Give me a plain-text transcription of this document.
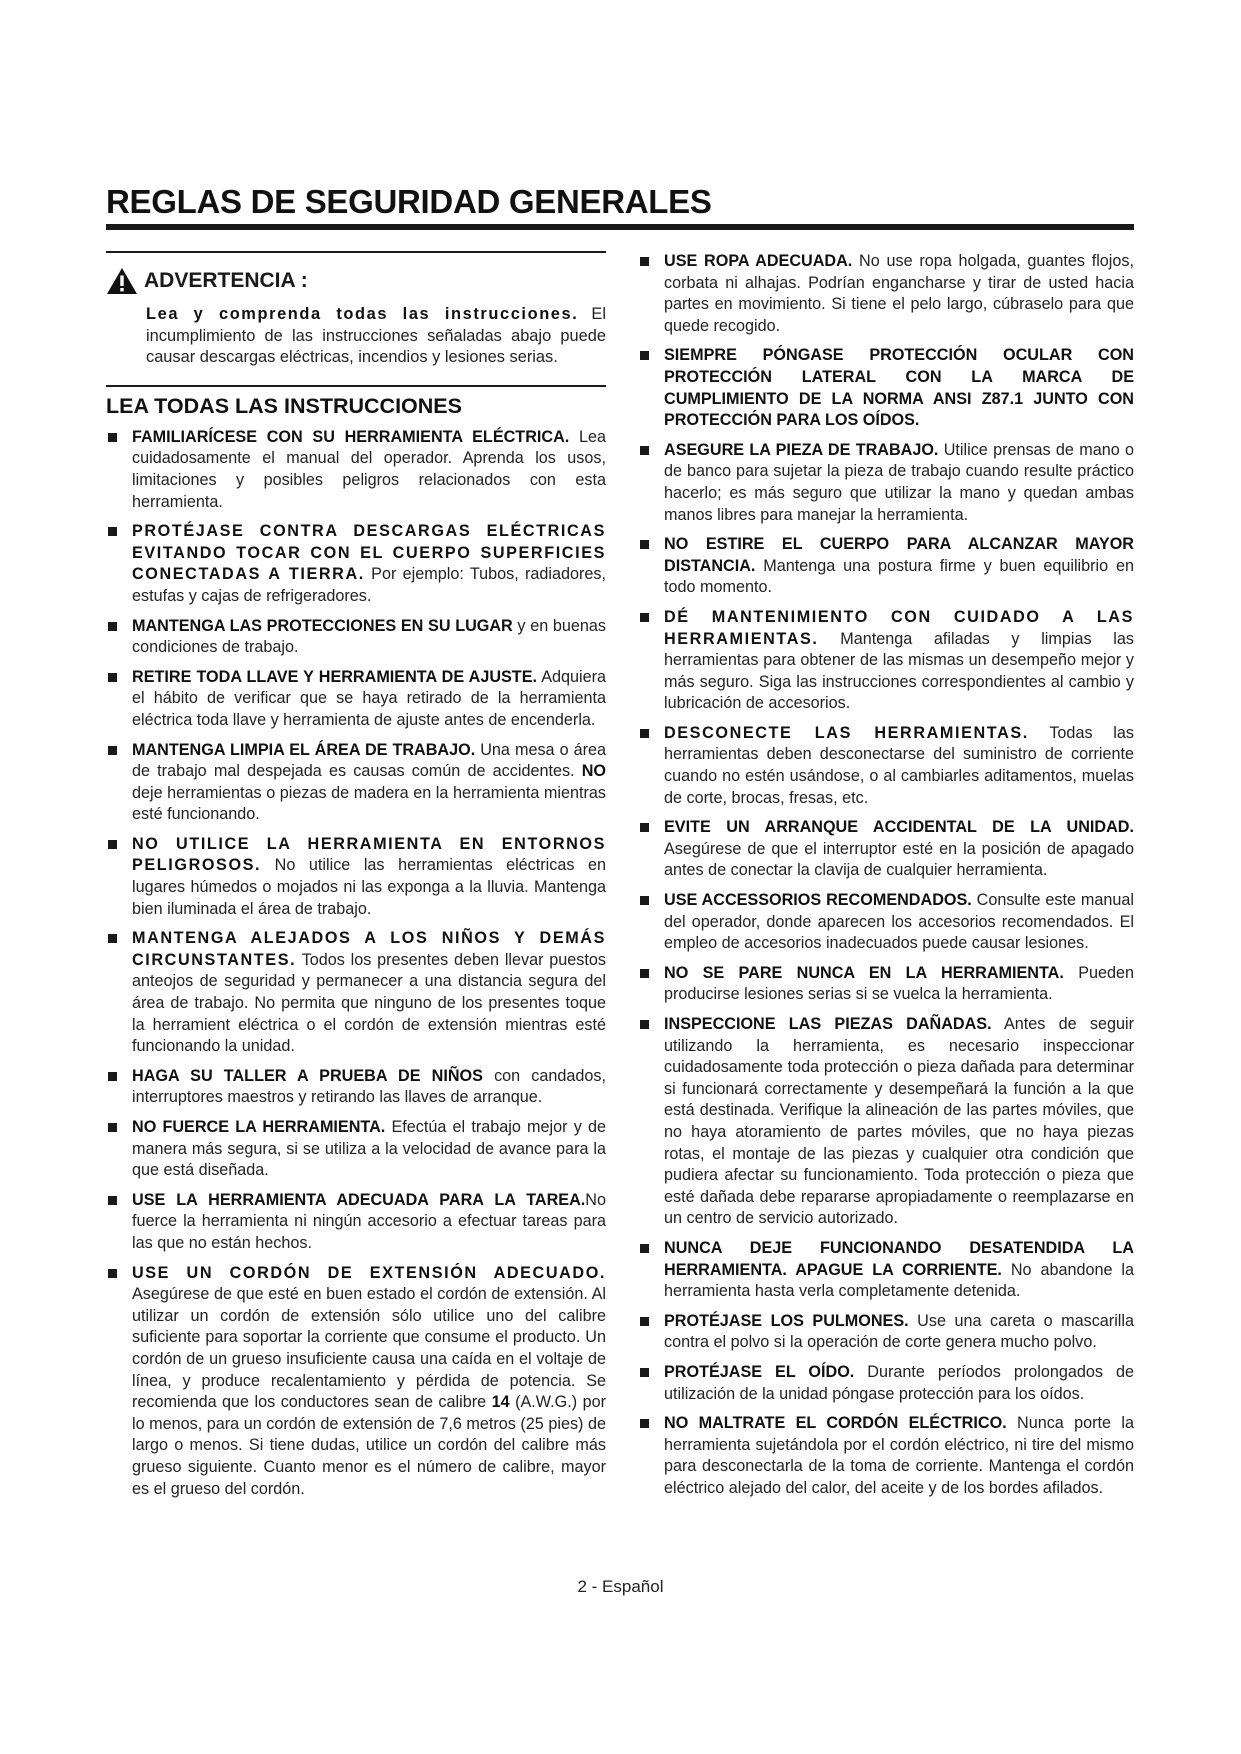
REGLAS DE SEGURIDAD GENERALES
ADVERTENCIA :

Lea y comprenda todas las instrucciones. El incumplimiento de las instrucciones señaladas abajo puede causar descargas eléctricas, incendios y lesiones serias.

LEA TODAS LAS INSTRUCCIONES
FAMILIARÍCESE CON SU HERRAMIENTA ELÉCTRICA. Lea cuidadosamente el manual del operador. Aprenda los usos, limitaciones y posibles peligros relacionados con esta herramienta.
PROTÉJASE CONTRA DESCARGAS ELÉCTRICAS EVITANDO TOCAR CON EL CUERPO SUPERFICIES CONECTADAS A TIERRA. Por ejemplo: Tubos, radiadores, estufas y cajas de refrigeradores.
MANTENGA LAS PROTECCIONES EN SU LUGAR y en buenas condiciones de trabajo.
RETIRE TODA LLAVE Y HERRAMIENTA DE AJUSTE. Adquiera el hábito de verificar que se haya retirado de la herramienta eléctrica toda llave y herramienta de ajuste antes de encenderla.
MANTENGA LIMPIA EL ÁREA DE TRABAJO. Una mesa o área de trabajo mal despejada es causas común de accidentes. NO deje herramientas o piezas de madera en la herramienta mientras esté funcionando.
NO UTILICE LA HERRAMIENTA EN ENTORNOS PELIGROSOS. No utilice las herramientas eléctricas en lugares húmedos o mojados ni las exponga a la lluvia. Mantenga bien iluminada el área de trabajo.
MANTENGA ALEJADOS A LOS NIÑOS Y DEMÁS CIRCUNSTANTES. Todos los presentes deben llevar puestos anteojos de seguridad y permanecer a una distancia segura del área de trabajo. No permita que ninguno de los presentes toque la herramient eléctrica o el cordón de extensión mientras esté funcionando la unidad.
HAGA SU TALLER A PRUEBA DE NIÑOS con candados, interruptores maestros y retirando las llaves de arranque.
NO FUERCE LA HERRAMIENTA. Efectúa el trabajo mejor y de manera más segura, si se utiliza a la velocidad de avance para la que está diseñada.
USE LA HERRAMIENTA ADECUADA PARA LA TAREA.No fuerce la herramienta ni ningún accesorio a efectuar tareas para las que no están hechos.
USE UN CORDÓN DE EXTENSIÓN ADECUADO. Asegúrese de que esté en buen estado el cordón de extensión. Al utilizar un cordón de extensión sólo utilice uno del calibre suficiente para soportar la corriente que consume el producto. Un cordón de un grueso insuficiente causa una caída en el voltaje de línea, y produce recalentamiento y pérdida de potencia. Se recomienda que los conductores sean de calibre 14 (A.W.G.) por lo menos, para un cordón de extensión de 7,6 metros (25 pies) de largo o menos. Si tiene dudas, utilice un cordón del calibre más grueso siguiente. Cuanto menor es el número de calibre, mayor es el grueso del cordón.
USE ROPA ADECUADA. No use ropa holgada, guantes flojos, corbata ni alhajas. Podrían engancharse y tirar de usted hacia partes en movimiento. Si tiene el pelo largo, cúbraselo para que quede recogido.
SIEMPRE PÓNGASE PROTECCIÓN OCULAR CON PROTECCIÓN LATERAL CON LA MARCA DE CUMPLIMIENTO DE LA NORMA ANSI Z87.1 JUNTO CON PROTECCIÓN PARA LOS OÍDOS.
ASEGURE LA PIEZA DE TRABAJO. Utilice prensas de mano o de banco para sujetar la pieza de trabajo cuando resulte práctico hacerlo; es más seguro que utilizar la mano y quedan ambas manos libres para manejar la herramienta.
NO ESTIRE EL CUERPO PARA ALCANZAR MAYOR DISTANCIA. Mantenga una postura firme y buen equilibrio en todo momento.
DÉ MANTENIMIENTO CON CUIDADO A LAS HERRAMIENTAS. Mantenga afiladas y limpias las herramientas para obtener de las mismas un desempeño mejor y más seguro. Siga las instrucciones correspondientes al cambio y lubricación de accesorios.
DESCONECTE LAS HERRAMIENTAS. Todas las herramientas deben desconectarse del suministro de corriente cuando no estén usándose, o al cambiarles aditamentos, muelas de corte, brocas, fresas, etc.
EVITE UN ARRANQUE ACCIDENTAL DE LA UNIDAD. Asegúrese de que el interruptor esté en la posición de apagado antes de conectar la clavija de cualquier herramienta.
USE ACCESSORIOS RECOMENDADOS. Consulte este manual del operador, donde aparecen los accesorios recomendados. El empleo de accesorios inadecuados puede causar lesiones.
NO SE PARE NUNCA EN LA HERRAMIENTA. Pueden producirse lesiones serias si se vuelca la herramienta.
INSPECCIONE LAS PIEZAS DAÑADAS. Antes de seguir utilizando la herramienta, es necesario inspeccionar cuidadosamente toda protección o pieza dañada para determinar si funcionará correctamente y desempeñará la función a la que está destinada. Verifique la alineación de las partes móviles, que no haya atoramiento de partes móviles, que no haya piezas rotas, el montaje de las piezas y cualquier otra condición que pudiera afectar su funcionamiento. Toda protección o pieza que esté dañada debe repararse apropiadamente o reemplazarse en un centro de servicio autorizado.
NUNCA DEJE FUNCIONANDO DESATENDIDA LA HERRAMIENTA. APAGUE LA CORRIENTE. No abandone la herramienta hasta verla completamente detenida.
PROTÉJASE LOS PULMONES. Use una careta o mascarilla contra el polvo si la operación de corte genera mucho polvo.
PROTÉJASE EL OÍDO. Durante períodos prolongados de utilización de la unidad póngase protección para los oídos.
NO MALTRATE EL CORDÓN ELÉCTRICO. Nunca porte la herramienta sujetándola por el cordón eléctrico, ni tire del mismo para desconectarla de la toma de corriente. Mantenga el cordón eléctrico alejado del calor, del aceite y de los bordes afilados.
2 - Español
